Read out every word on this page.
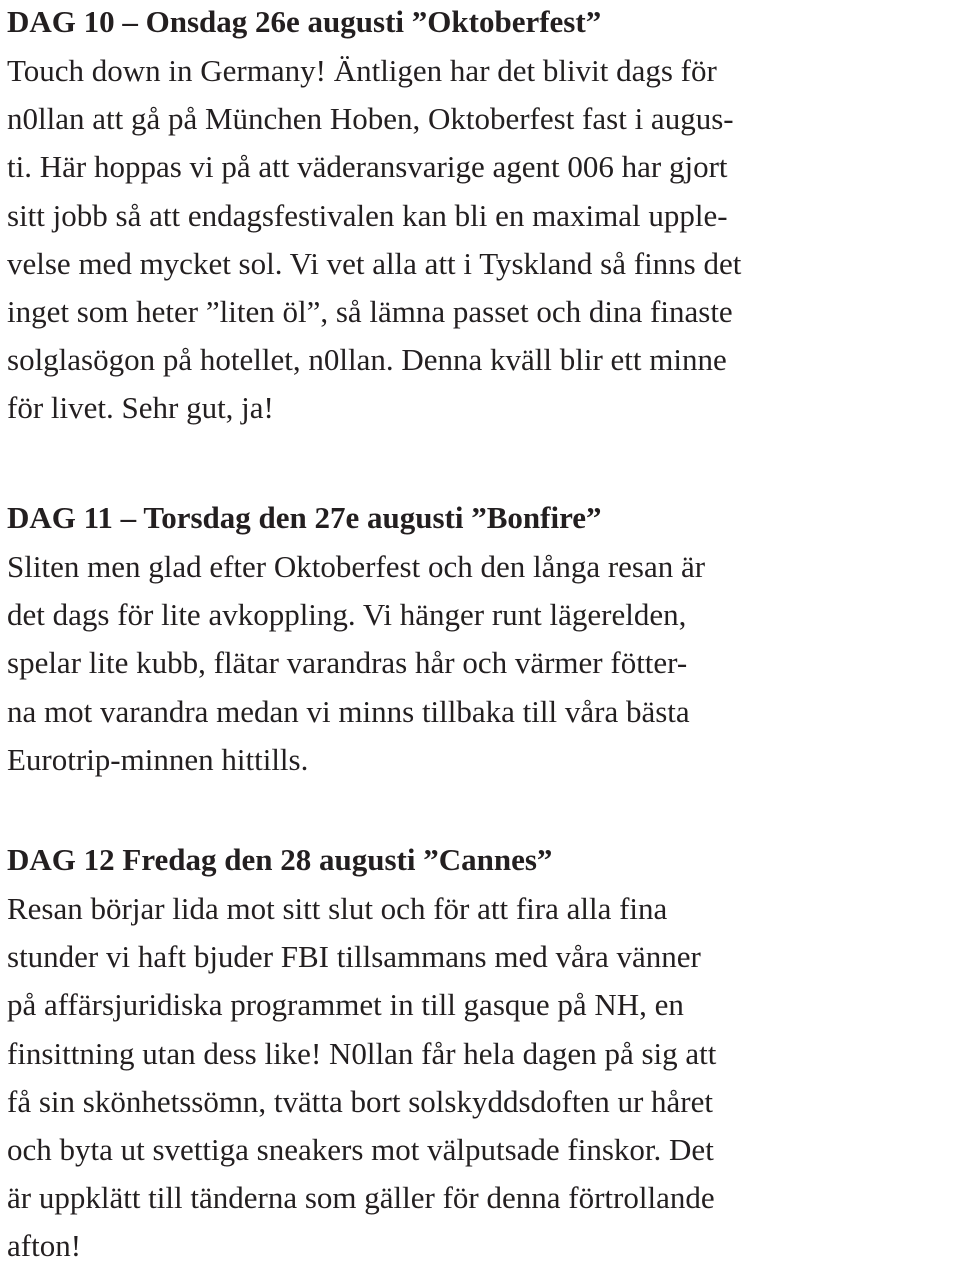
DAG 10 – Onsdag 26e augusti ”Oktoberfest”
Touch down in Germany! Äntligen har det blivit dags för
n0llan att gå på München Hoben, Oktoberfest fast i augus-
ti. Här hoppas vi på att väderansvarige agent 006 har gjort
sitt jobb så att endagsfestivalen kan bli en maximal upple-
velse med mycket sol. Vi vet alla att i Tyskland så finns det
inget som heter ”liten öl”, så lämna passet och dina finaste
solglasögon på hotellet, n0llan. Denna kväll blir ett minne
för livet. Sehr gut, ja!
DAG 11 – Torsdag den 27e augusti ”Bonfire”
Sliten men glad efter Oktoberfest och den långa resan är
det dags för lite avkoppling. Vi hänger runt lägerelden,
spelar lite kubb, flätar varandras hår och värmer fötter-
na mot varandra medan vi minns tillbaka till våra bästa
Eurotrip-minnen hittills.
DAG 12 Fredag den 28 augusti ”Cannes”
Resan börjar lida mot sitt slut och för att fira alla fina
stunder vi haft bjuder FBI tillsammans med våra vänner
på affärsjuridiska programmet in till gasque på NH, en
finsittning utan dess like! N0llan får hela dagen på sig att
få sin skönhetssömn, tvätta bort solskyddsdoften ur håret
och byta ut svettiga sneakers mot välputsade finskor. Det
är uppklätt till tänderna som gäller för denna förtrollande
afton!
